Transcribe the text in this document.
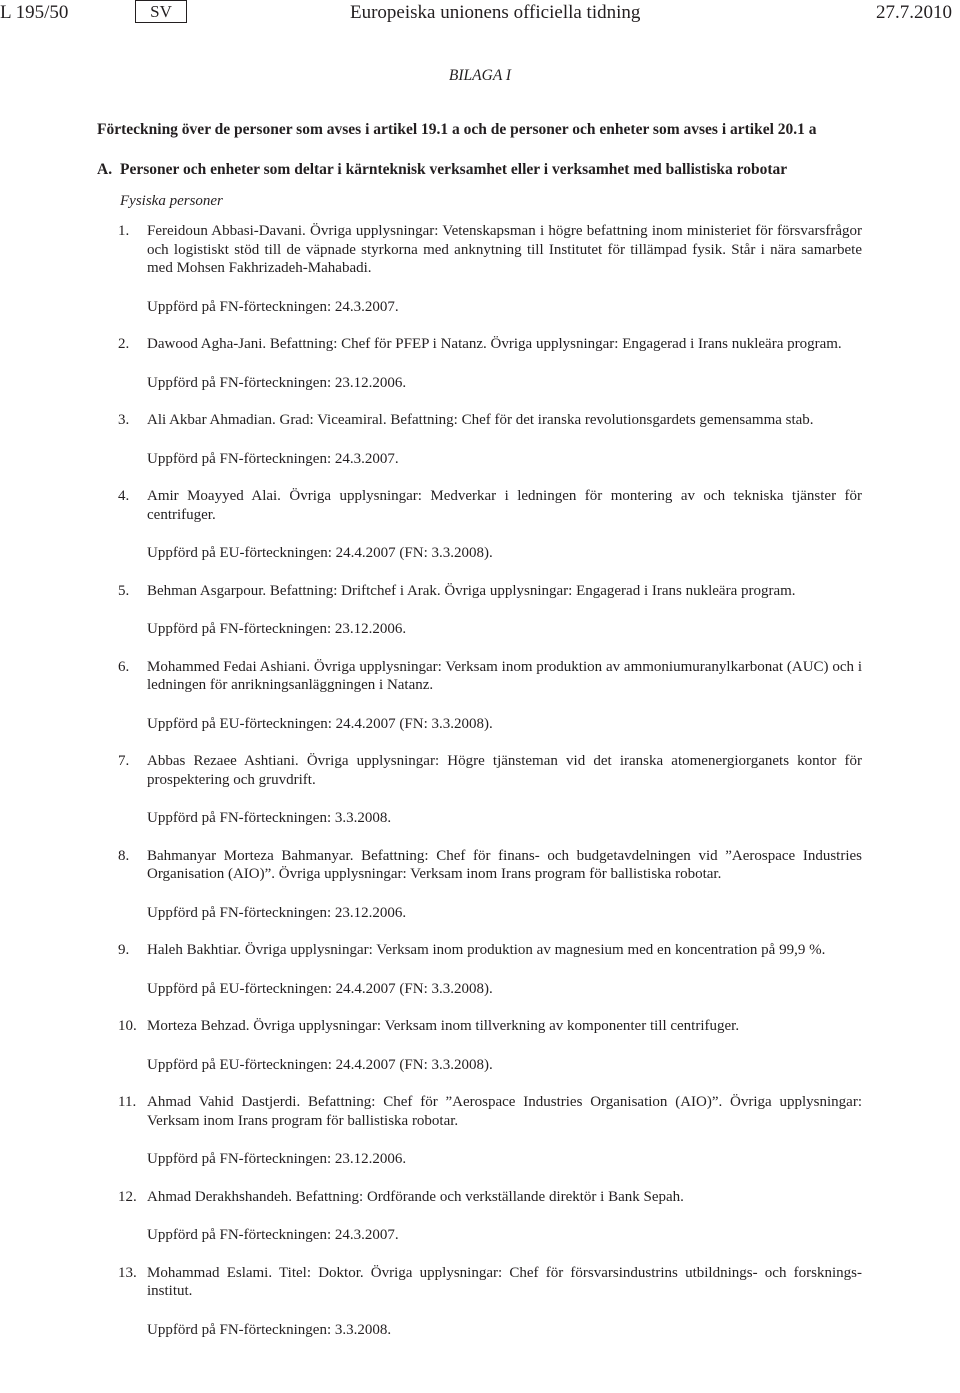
L 195/50	SV	Europeiska unionens officiella tidning	27.7.2010
BILAGA I
Förteckning över de personer som avses i artikel 19.1 a och de personer och enheter som avses i artikel 20.1 a
A. Personer och enheter som deltar i kärnteknisk verksamhet eller i verksamhet med ballistiska robotar
Fysiska personer
1.	Fereidoun Abbasi-Davani. Övriga upplysningar: Vetenskapsman i högre befattning inom ministeriet för försvarsfrågor och logistiskt stöd till de väpnade styrkorna med anknytning till Institutet för tillämpad fysik. Står i nära samarbete med Mohsen Fakhrizadeh-Mahabadi.
Uppförd på FN-förteckningen: 24.3.2007.
2.	Dawood Agha-Jani. Befattning: Chef för PFEP i Natanz. Övriga upplysningar: Engagerad i Irans nukleära program.
Uppförd på FN-förteckningen: 23.12.2006.
3.	Ali Akbar Ahmadian. Grad: Viceamiral. Befattning: Chef för det iranska revolutionsgardets gemensamma stab.
Uppförd på FN-förteckningen: 24.3.2007.
4.	Amir Moayyed Alai. Övriga upplysningar: Medverkar i ledningen för montering av och tekniska tjänster för centrifuger.
Uppförd på EU-förteckningen: 24.4.2007 (FN: 3.3.2008).
5.	Behman Asgarpour. Befattning: Driftchef i Arak. Övriga upplysningar: Engagerad i Irans nukleära program.
Uppförd på FN-förteckningen: 23.12.2006.
6.	Mohammed Fedai Ashiani. Övriga upplysningar: Verksam inom produktion av ammoniumuranylkarbonat (AUC) och i ledningen för anrikningsanläggningen i Natanz.
Uppförd på EU-förteckningen: 24.4.2007 (FN: 3.3.2008).
7.	Abbas Rezaee Ashtiani. Övriga upplysningar: Högre tjänsteman vid det iranska atomenergiorganets kontor för prospektering och gruvdrift.
Uppförd på FN-förteckningen: 3.3.2008.
8.	Bahmanyar Morteza Bahmanyar. Befattning: Chef för finans- och budgetavdelningen vid ”Aerospace Industries Organisation (AIO)”. Övriga upplysningar: Verksam inom Irans program för ballistiska robotar.
Uppförd på FN-förteckningen: 23.12.2006.
9.	Haleh Bakhtiar. Övriga upplysningar: Verksam inom produktion av magnesium med en koncentration på 99,9 %.
Uppförd på EU-förteckningen: 24.4.2007 (FN: 3.3.2008).
10. Morteza Behzad. Övriga upplysningar: Verksam inom tillverkning av komponenter till centrifuger.
Uppförd på EU-förteckningen: 24.4.2007 (FN: 3.3.2008).
11. Ahmad Vahid Dastjerdi. Befattning: Chef för ”Aerospace Industries Organisation (AIO)”. Övriga upplysningar: Verksam inom Irans program för ballistiska robotar.
Uppförd på FN-förteckningen: 23.12.2006.
12. Ahmad Derakhshandeh. Befattning: Ordförande och verkställande direktör i Bank Sepah.
Uppförd på FN-förteckningen: 24.3.2007.
13. Mohammad Eslami. Titel: Doktor. Övriga upplysningar: Chef för försvarsindustrins utbildnings- och forskningsinstitut.
Uppförd på FN-förteckningen: 3.3.2008.
